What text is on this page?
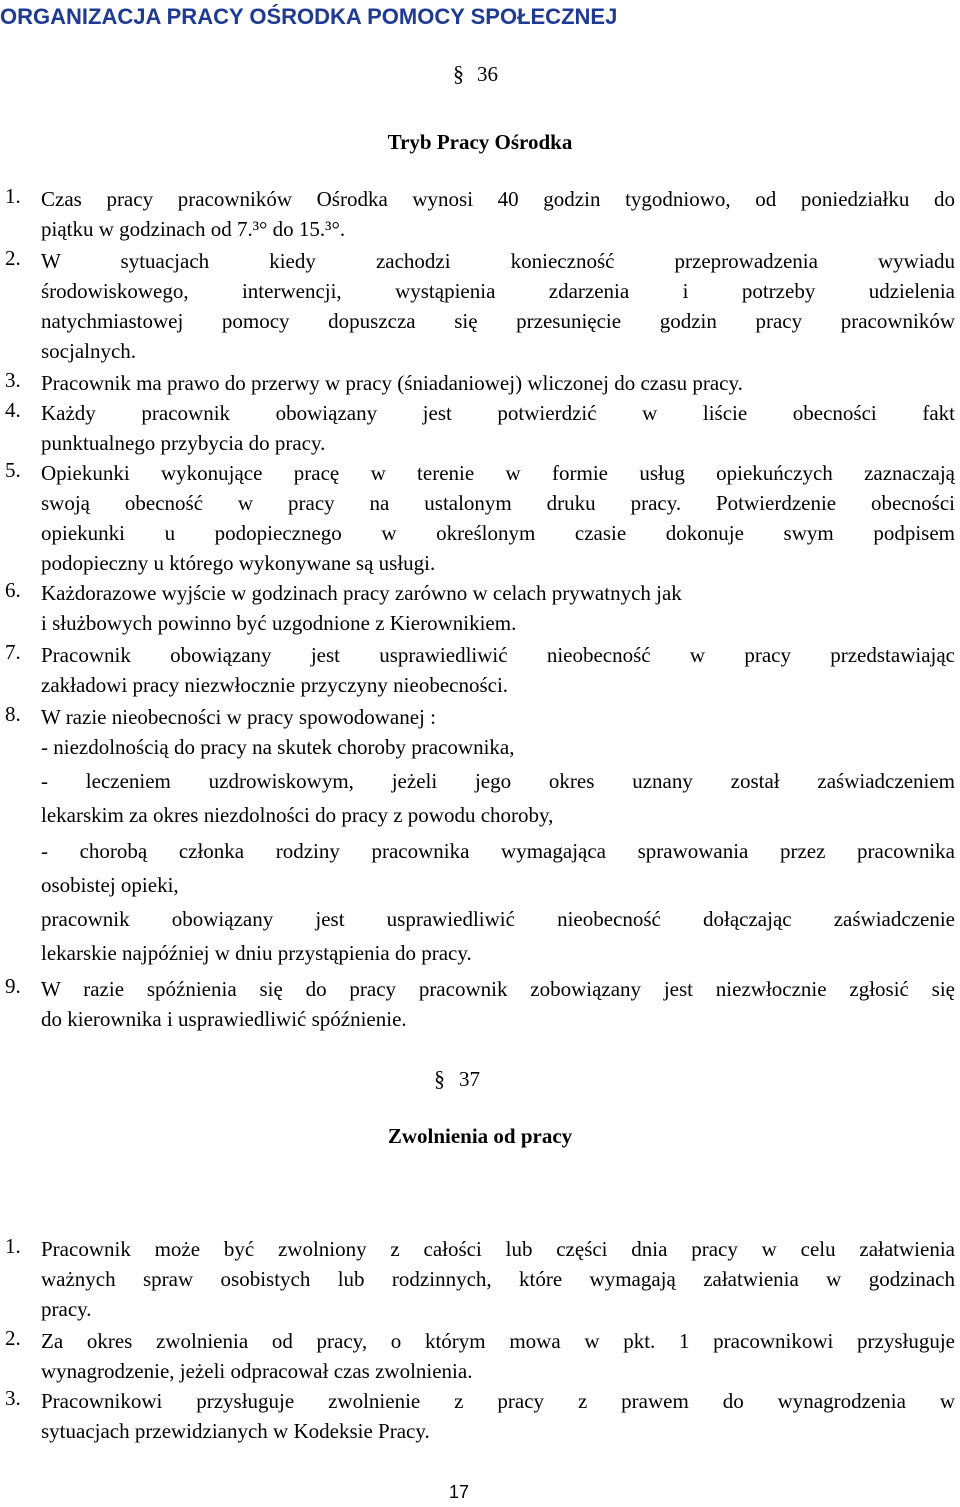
ORGANIZACJA PRACY OŚRODKA POMOCY SPOŁECZNEJ
§ 36
Tryb Pracy Ośrodka
1. Czas pracy pracowników Ośrodka wynosi 40 godzin tygodniowo, od poniedziałku do
piątku w godzinach od 7.³° do 15.³°.
2. W sytuacjach kiedy zachodzi konieczność przeprowadzenia wywiadu
środowiskowego, interwencji, wystąpienia zdarzenia i potrzeby udzielenia
natychmiastowej pomocy dopuszcza się przesunięcie godzin pracy pracowników
socjalnych.
3. Pracownik ma prawo do przerwy w pracy (śniadaniowej) wliczonej do czasu pracy.
4. Każdy pracownik obowiązany jest potwierdzić w liście obecności fakt
punktualnego przybycia do pracy.
5. Opiekunki wykonujące pracę w terenie w formie usług opiekuńczych zaznaczają
swoją obecność w pracy na ustalonym druku pracy. Potwierdzenie obecności
opiekunki u podopiecznego w określonym czasie dokonuje swym podpisem
podopieczny u którego wykonywane są usługi.
6. Każdorazowe wyjście w godzinach pracy zarówno w celach prywatnych jak
i służbowych powinno być uzgodnione z Kierownikiem.
7. Pracownik obowiązany jest usprawiedliwić nieobecność w pracy przedstawiając
zakładowi pracy niezwłocznie przyczyny nieobecności.
8. W razie nieobecności w pracy spowodowanej :
- niezdolnością do pracy na skutek choroby pracownika,
- leczeniem uzdrowiskowym, jeżeli jego okres uznany został zaświadczeniem
lekarskim za okres niezdolności do pracy z powodu choroby,
- chorobą członka rodziny pracownika wymagająca sprawowania przez pracownika
osobistej opieki,
pracownik obowiązany jest usprawiedliwić nieobecność dołączając zaświadczenie
lekarskie najpóźniej w dniu przystąpienia do pracy.
9. W razie spóźnienia się do pracy pracownik zobowiązany jest niezwłocznie zgłosić się
do kierownika i usprawiedliwić spóźnienie.
§ 37
Zwolnienia od pracy
1. Pracownik może być zwolniony z całości lub części dnia pracy w celu załatwienia
ważnych spraw osobistych lub rodzinnych, które wymagają załatwienia w godzinach
pracy.
2. Za okres zwolnienia od pracy, o którym mowa w pkt. 1 pracownikowi przysługuje
wynagrodzenie, jeżeli odpracował czas zwolnienia.
3. Pracownikowi przysługuje zwolnienie z pracy z prawem do wynagrodzenia w
sytuacjach przewidzianych w Kodeksie Pracy.
17
